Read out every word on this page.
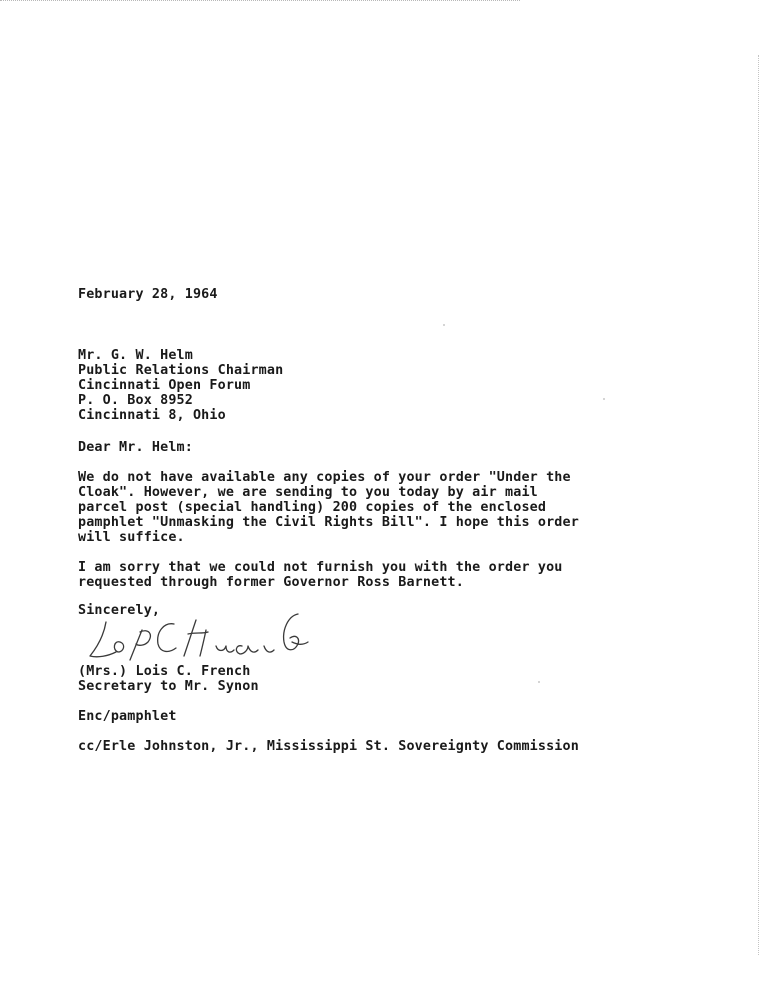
February 28, 1964
Mr. G. W. Helm
Public Relations Chairman
Cincinnati Open Forum
P. O. Box 8952
Cincinnati 8, Ohio
Dear Mr. Helm:
We do not have available any copies of your order "Under the
Cloak". However, we are sending to you today by air mail
parcel post (special handling) 200 copies of the enclosed
pamphlet "Unmasking the Civil Rights Bill". I hope this order
will suffice.
I am sorry that we could not furnish you with the order you
requested through former Governor Ross Barnett.
Sincerely,
(Mrs.) Lois C. French
Secretary to Mr. Synon
Enc/pamphlet
cc/Erle Johnston, Jr., Mississippi St. Sovereignty Commission
